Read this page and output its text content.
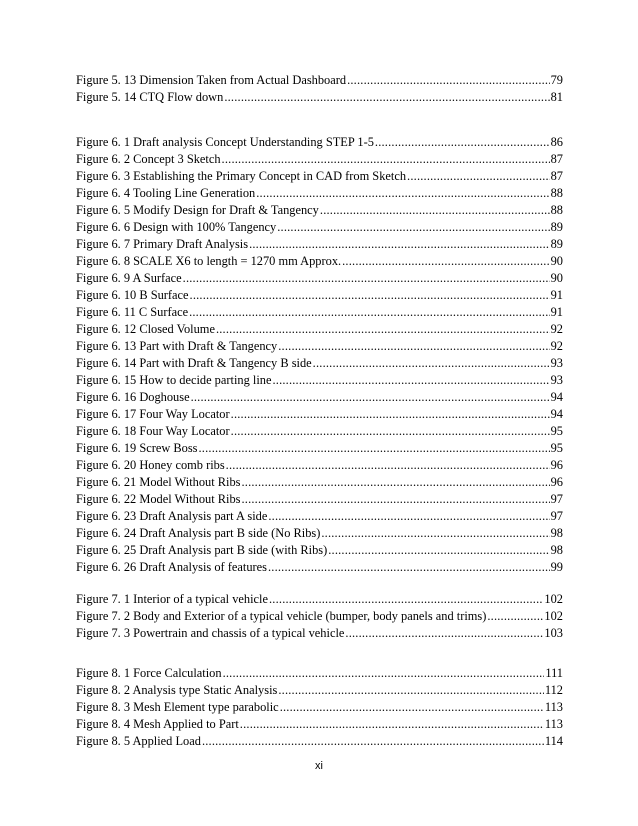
Figure 5. 13 Dimension Taken from Actual Dashboard .....	79
Figure 5. 14 CTQ Flow down .....	81
Figure 6. 1 Draft analysis Concept Understanding STEP 1-5 .....	86
Figure 6. 2 Concept 3 Sketch .....	87
Figure 6. 3 Establishing the Primary Concept in CAD from Sketch .....	87
Figure 6. 4 Tooling Line Generation .....	88
Figure 6. 5 Modify Design for Draft & Tangency .....	88
Figure 6. 6 Design with 100% Tangency .....	89
Figure 6. 7 Primary Draft Analysis .....	89
Figure 6. 8 SCALE X6 to length = 1270 mm Approx. .....	90
Figure 6. 9 A Surface .....	90
Figure 6. 10 B Surface .....	91
Figure 6. 11 C Surface .....	91
Figure 6. 12 Closed Volume .....	92
Figure 6. 13 Part with Draft & Tangency .....	92
Figure 6. 14 Part with Draft & Tangency B side .....	93
Figure 6. 15 How to decide parting line .....	93
Figure 6. 16 Doghouse .....	94
Figure 6. 17 Four Way Locator .....	94
Figure 6. 18 Four Way Locator .....	95
Figure 6. 19 Screw Boss .....	95
Figure 6. 20 Honey comb ribs .....	96
Figure 6. 21 Model Without Ribs .....	96
Figure 6. 22 Model Without Ribs .....	97
Figure 6. 23 Draft Analysis part A side .....	97
Figure 6. 24 Draft Analysis part B side (No Ribs) .....	98
Figure 6. 25 Draft Analysis part B side (with Ribs) .....	98
Figure 6. 26 Draft Analysis of features .....	99
Figure 7. 1 Interior of a typical vehicle .....	102
Figure 7. 2 Body and Exterior of a typical vehicle (bumper, body panels and trims) .....	102
Figure 7. 3 Powertrain and chassis of a typical vehicle .....	103
Figure 8. 1 Force Calculation .....	111
Figure 8. 2 Analysis type Static Analysis .....	112
Figure 8. 3 Mesh Element type parabolic .....	113
Figure 8. 4 Mesh Applied to Part .....	113
Figure 8. 5 Applied Load .....	114
xi
